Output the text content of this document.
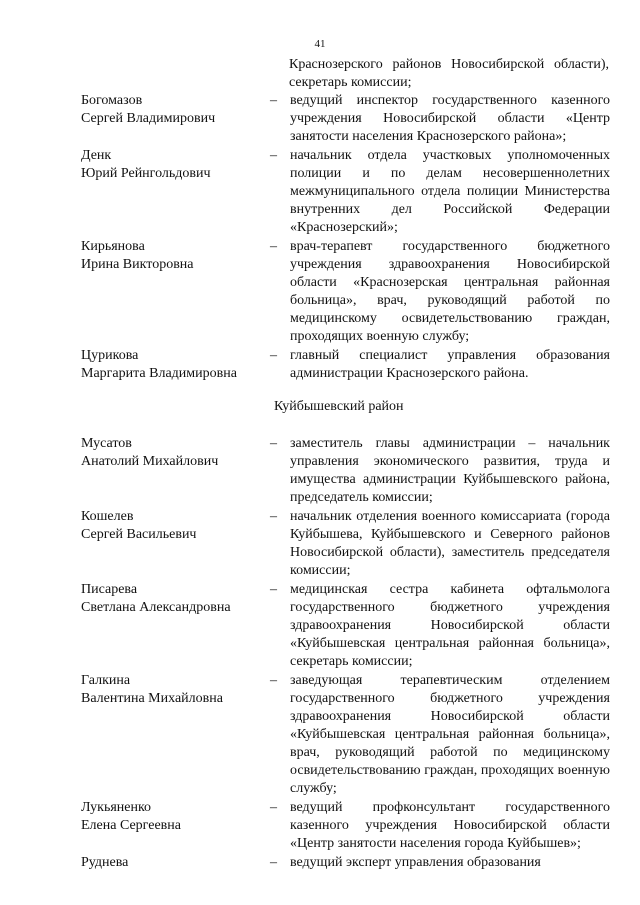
41
Краснозерского районов Новосибирской области), секретарь комиссии;
Богомазов
Сергей Владимирович
– ведущий инспектор государственного казенного учреждения Новосибирской области «Центр занятости населения Краснозерского района»;
Денк
Юрий Рейнгольдович
– начальник отдела участковых уполномоченных полиции и по делам несовершеннолетних межмуниципального отдела полиции Министерства внутренних дел Российской Федерации «Краснозерский»;
Кирьянова
Ирина Викторовна
– врач-терапевт государственного бюджетного учреждения здравоохранения Новосибирской области «Краснозерская центральная районная больница», врач, руководящий работой по медицинскому освидетельствованию граждан, проходящих военную службу;
Цурикова
Маргарита Владимировна
– главный специалист управления образования администрации Краснозерского района.
Куйбышевский район
Мусатов
Анатолий Михайлович
– заместитель главы администрации – начальник управления экономического развития, труда и имущества администрации Куйбышевского района, председатель комиссии;
Кошелев
Сергей Васильевич
– начальник отделения военного комиссариата (города Куйбышева, Куйбышевского и Северного районов Новосибирской области), заместитель председателя комиссии;
Писарева
Светлана Александровна
– медицинская сестра кабинета офтальмолога государственного бюджетного учреждения здравоохранения Новосибирской области «Куйбышевская центральная районная больница», секретарь комиссии;
Галкина
Валентина Михайловна
– заведующая терапевтическим отделением государственного бюджетного учреждения здравоохранения Новосибирской области «Куйбышевская центральная районная больница», врач, руководящий работой по медицинскому освидетельствованию граждан, проходящих военную службу;
Лукьяненко
Елена Сергеевна
– ведущий профконсультант государственного казенного учреждения Новосибирской области «Центр занятости населения города Куйбышев»;
Руднева	– ведущий эксперт управления образования
